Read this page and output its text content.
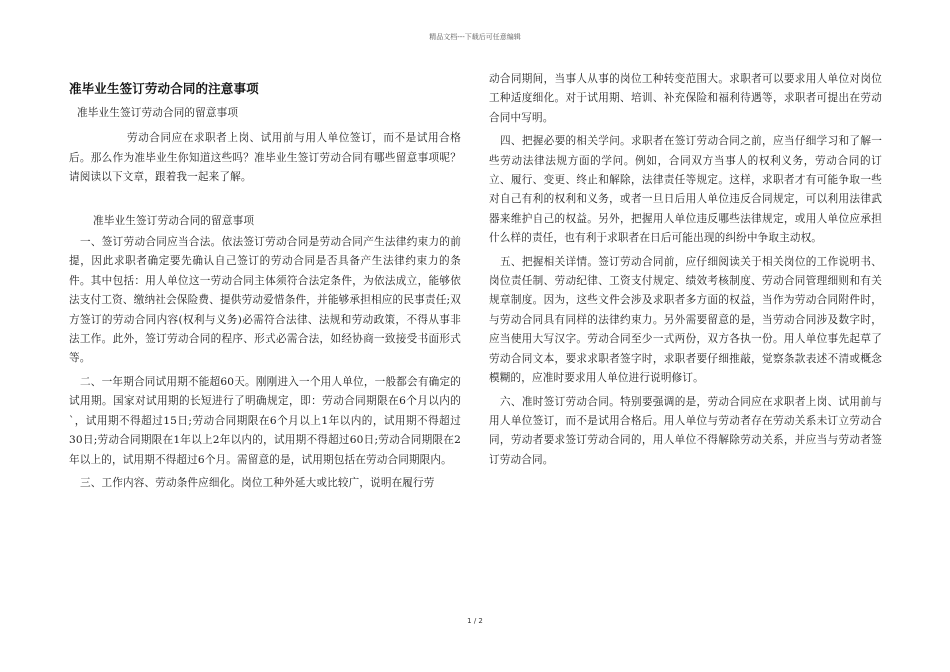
精品文档---下载后可任意编辑
准毕业生签订劳动合同的注意事项
准毕业生签订劳动合同的留意事项

劳动合同应在求职者上岗、试用前与用人单位签订，而不是试用合格后。那么作为准毕业生你知道这些吗？准毕业生签订劳动合同有哪些留意事项呢？请阅读以下文章，跟着我一起来了解。

准毕业生签订劳动合同的留意事项

一、签订劳动合同应当合法。依法签订劳动合同是劳动合同产生法律约束力的前提，因此求职者确定要先确认自己签订的劳动合同是否具备产生法律约束力的条件。其中包括：用人单位这一劳动合同主体须符合法定条件，为依法成立，能够依法支付工资、缴纳社会保险费、提供劳动爱惜条件，并能够承担相应的民事责任;双方签订的劳动合同内容(权利与义务)必需符合法律、法规和劳动政策，不得从事非法工作。此外，签订劳动合同的程序、形式必需合法，如经协商一致接受书面形式等。

二、一年期合同试用期不能超60天。刚刚进入一个用人单位，一般都会有确定的试用期。国家对试用期的长短进行了明确规定，即：劳动合同期限在6个月以内的`，试用期不得超过15日;劳动合同期限在6个月以上1年以内的，试用期不得超过30日;劳动合同期限在1年以上2年以内的，试用期不得超过60日;劳动合同期限在2年以上的，试用期不得超过6个月。需留意的是，试用期包括在劳动合同期限内。

三、工作内容、劳动条件应细化。岗位工种外延大或比较广，说明在履行劳

动合同期间，当事人从事的岗位工种转变范围大。求职者可以要求用人单位对岗位工种适度细化。对于试用期、培训、补充保险和福利待遇等，求职者可提出在劳动合同中写明。

四、把握必要的相关学问。求职者在签订劳动合同之前，应当仔细学习和了解一些劳动法律法规方面的学问。例如，合同双方当事人的权利义务，劳动合同的订立、履行、变更、终止和解除，法律责任等规定。这样，求职者才有可能争取一些对自己有利的权利和义务，或者一旦日后用人单位违反合同规定，可以利用法律武器来维护自己的权益。另外，把握用人单位违反哪些法律规定，或用人单位应承担什么样的责任，也有利于求职者在日后可能出现的纠纷中争取主动权。

五、把握相关详情。签订劳动合同前，应仔细阅读关于相关岗位的工作说明书、岗位责任制、劳动纪律、工资支付规定、绩效考核制度、劳动合同管理细则和有关规章制度。因为，这些文件会涉及求职者多方面的权益，当作为劳动合同附件时，与劳动合同具有同样的法律约束力。另外需要留意的是，当劳动合同涉及数字时，应当使用大写汉字。劳动合同至少一式两份，双方各执一份。用人单位事先起草了劳动合同文本，要求求职者签字时，求职者要仔细推敲，觉察条款表述不清或概念模糊的，应准时要求用人单位进行说明修订。

六、准时签订劳动合同。特别要强调的是，劳动合同应在求职者上岗、试用前与用人单位签订，而不是试用合格后。用人单位与劳动者存在劳动关系未订立劳动合同，劳动者要求签订劳动合同的，用人单位不得解除劳动关系，并应当与劳动者签订劳动合同。

1 / 2
